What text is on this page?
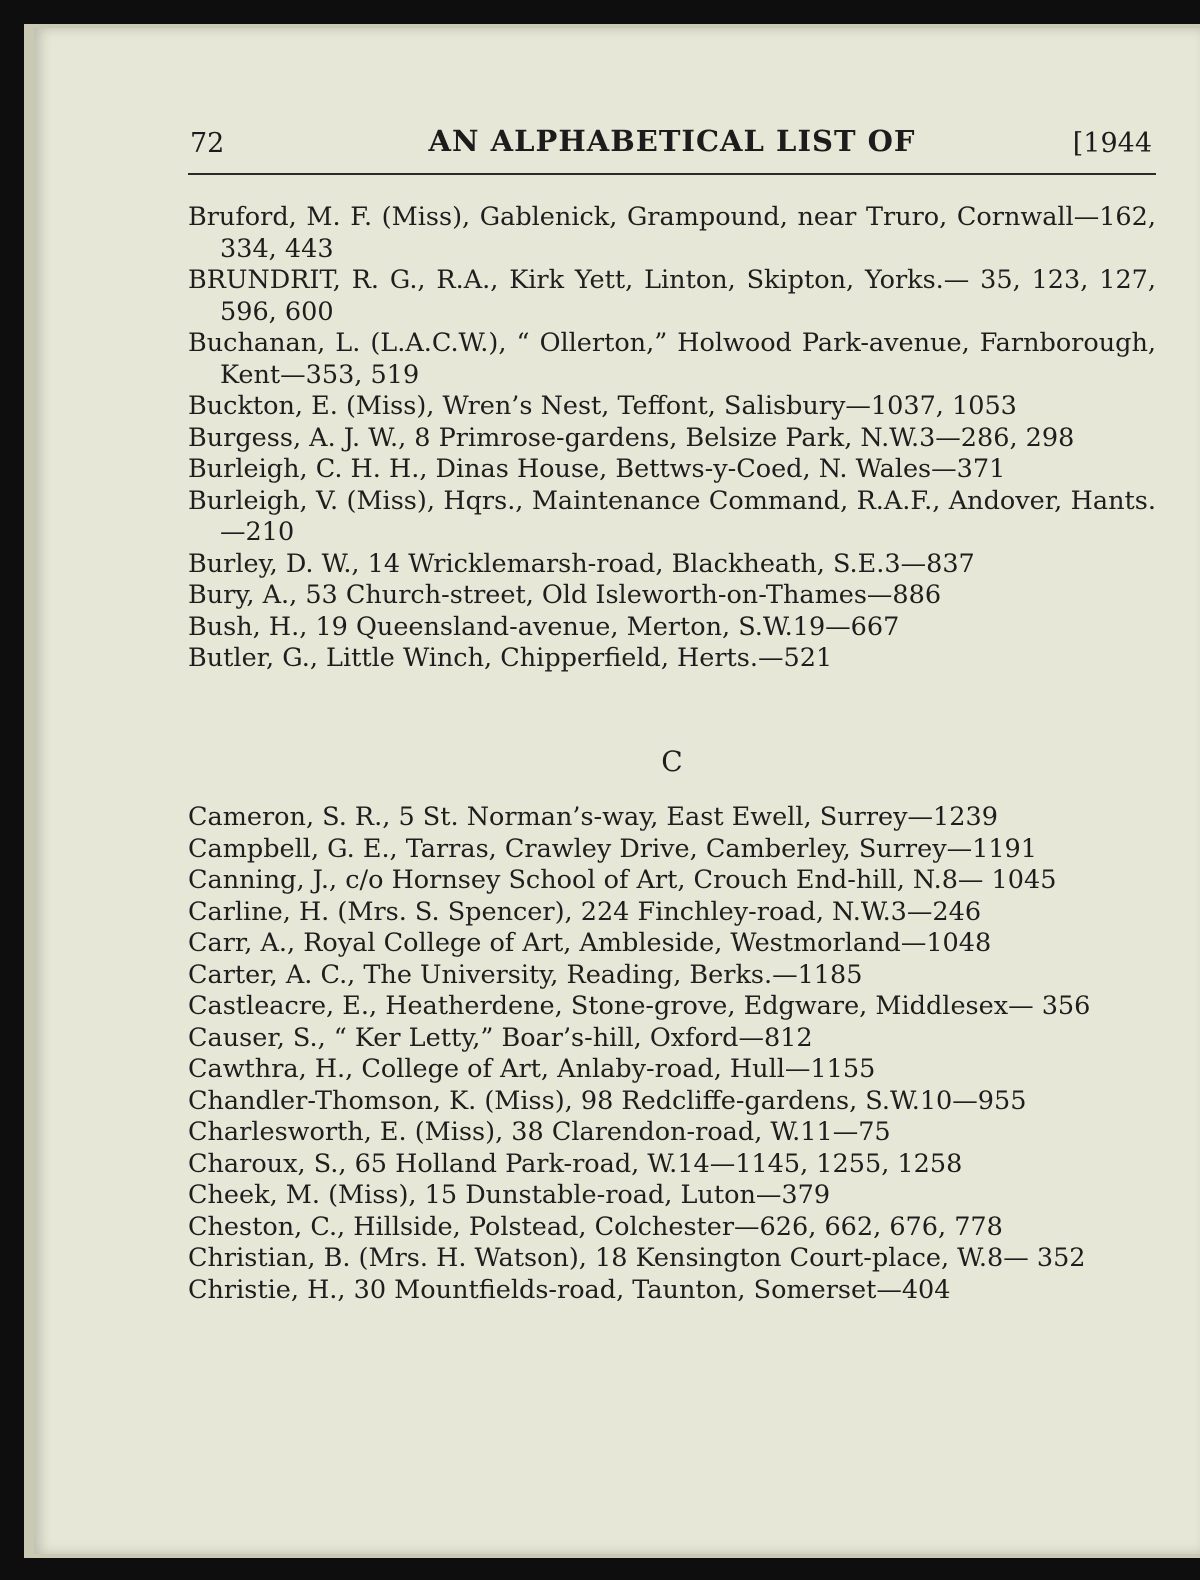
72	AN ALPHABETICAL LIST OF	[1944
Bruford, M. F. (Miss), Gablenick, Grampound, near Truro, Cornwall—162, 334, 443
BRUNDRIT, R. G., R.A., Kirk Yett, Linton, Skipton, Yorks.— 35, 123, 127, 596, 600
Buchanan, L. (L.A.C.W.), “ Ollerton,” Holwood Park-avenue, Farnborough, Kent—353, 519
Buckton, E. (Miss), Wren’s Nest, Teffont, Salisbury—1037, 1053
Burgess, A. J. W., 8 Primrose-gardens, Belsize Park, N.W.3—286, 298
Burleigh, C. H. H., Dinas House, Bettws-y-Coed, N. Wales—371
Burleigh, V. (Miss), Hqrs., Maintenance Command, R.A.F., Andover, Hants.—210
Burley, D. W., 14 Wricklemarsh-road, Blackheath, S.E.3—837
Bury, A., 53 Church-street, Old Isleworth-on-Thames—886
Bush, H., 19 Queensland-avenue, Merton, S.W.19—667
Butler, G., Little Winch, Chipperfield, Herts.—521
C
Cameron, S. R., 5 St. Norman’s-way, East Ewell, Surrey—1239
Campbell, G. E., Tarras, Crawley Drive, Camberley, Surrey—1191
Canning, J., c/o Hornsey School of Art, Crouch End-hill, N.8— 1045
Carline, H. (Mrs. S. Spencer), 224 Finchley-road, N.W.3—246
Carr, A., Royal College of Art, Ambleside, Westmorland—1048
Carter, A. C., The University, Reading, Berks.—1185
Castleacre, E., Heatherdene, Stone-grove, Edgware, Middlesex— 356
Causer, S., “ Ker Letty,” Boar’s-hill, Oxford—812
Cawthra, H., College of Art, Anlaby-road, Hull—1155
Chandler-Thomson, K. (Miss), 98 Redcliffe-gardens, S.W.10—955
Charlesworth, E. (Miss), 38 Clarendon-road, W.11—75
Charoux, S., 65 Holland Park-road, W.14—1145, 1255, 1258
Cheek, M. (Miss), 15 Dunstable-road, Luton—379
Cheston, C., Hillside, Polstead, Colchester—626, 662, 676, 778
Christian, B. (Mrs. H. Watson), 18 Kensington Court-place, W.8— 352
Christie, H., 30 Mountfields-road, Taunton, Somerset—404
